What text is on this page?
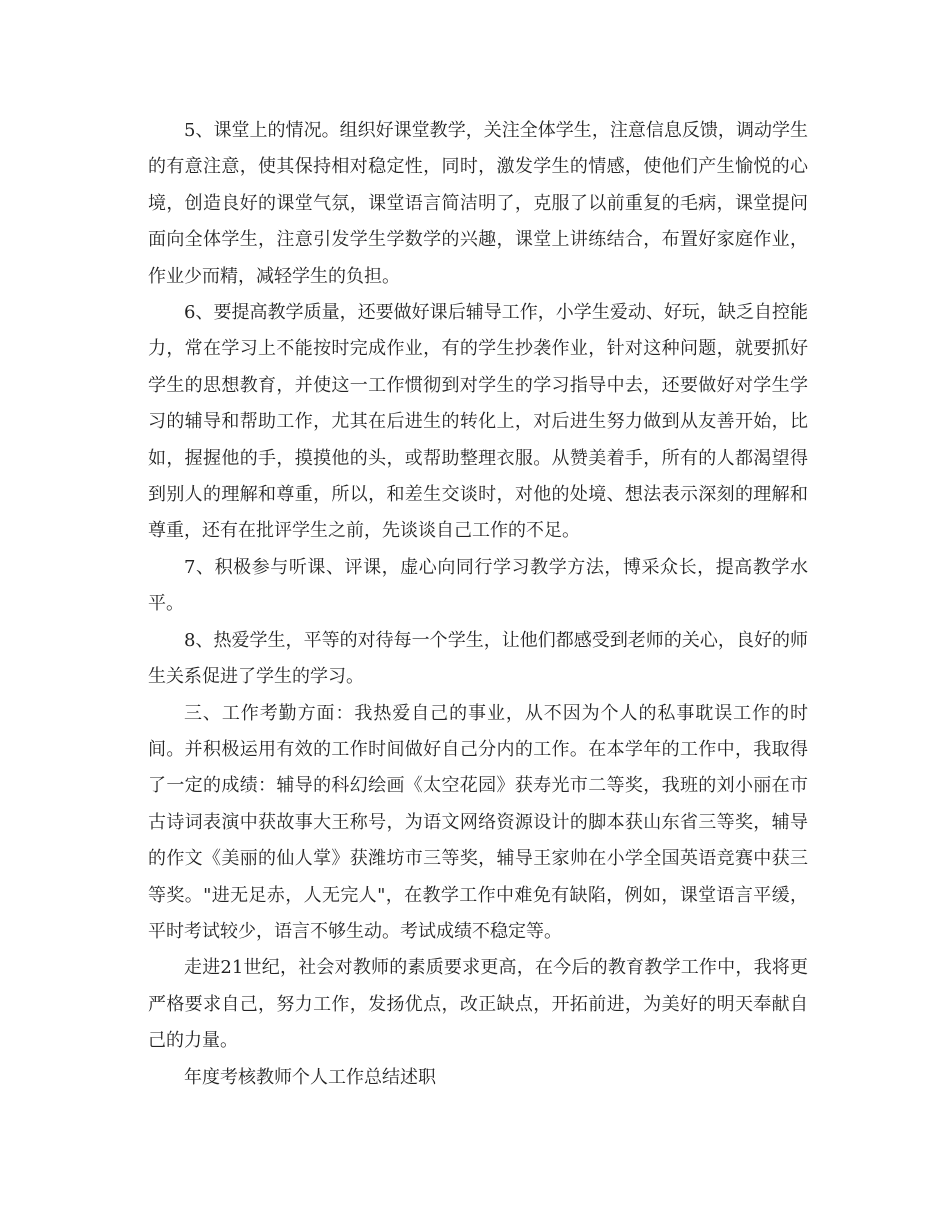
5、课堂上的情况。组织好课堂教学，关注全体学生，注意信息反馈，调动学生的有意注意，使其保持相对稳定性，同时，激发学生的情感，使他们产生愉悦的心境，创造良好的课堂气氛，课堂语言简洁明了，克服了以前重复的毛病，课堂提问面向全体学生，注意引发学生学数学的兴趣，课堂上讲练结合，布置好家庭作业，作业少而精，减轻学生的负担。

6、要提高教学质量，还要做好课后辅导工作，小学生爱动、好玩，缺乏自控能力，常在学习上不能按时完成作业，有的学生抄袭作业，针对这种问题，就要抓好学生的思想教育，并使这一工作惯彻到对学生的学习指导中去，还要做好对学生学习的辅导和帮助工作，尤其在后进生的转化上，对后进生努力做到从友善开始，比如，握握他的手，摸摸他的头，或帮助整理衣服。从赞美着手，所有的人都渴望得到别人的理解和尊重，所以，和差生交谈时，对他的处境、想法表示深刻的理解和尊重，还有在批评学生之前，先谈谈自己工作的不足。

7、积极参与听课、评课，虚心向同行学习教学方法，博采众长，提高教学水平。

8、热爱学生，平等的对待每一个学生，让他们都感受到老师的关心，良好的师生关系促进了学生的学习。

三、工作考勤方面：我热爱自己的事业，从不因为个人的私事耽误工作的时间。并积极运用有效的工作时间做好自己分内的工作。在本学年的工作中，我取得了一定的成绩：辅导的科幻绘画《太空花园》获寿光市二等奖，我班的刘小丽在市古诗词表演中获故事大王称号，为语文网络资源设计的脚本获山东省三等奖，辅导的作文《美丽的仙人掌》获潍坊市三等奖，辅导王家帅在小学全国英语竞赛中获三等奖。"进无足赤，人无完人"，在教学工作中难免有缺陷，例如，课堂语言平缓，平时考试较少，语言不够生动。考试成绩不稳定等。

走进21世纪，社会对教师的素质要求更高，在今后的教育教学工作中，我将更严格要求自己，努力工作，发扬优点，改正缺点，开拓前进，为美好的明天奉献自己的力量。

年度考核教师个人工作总结述职
